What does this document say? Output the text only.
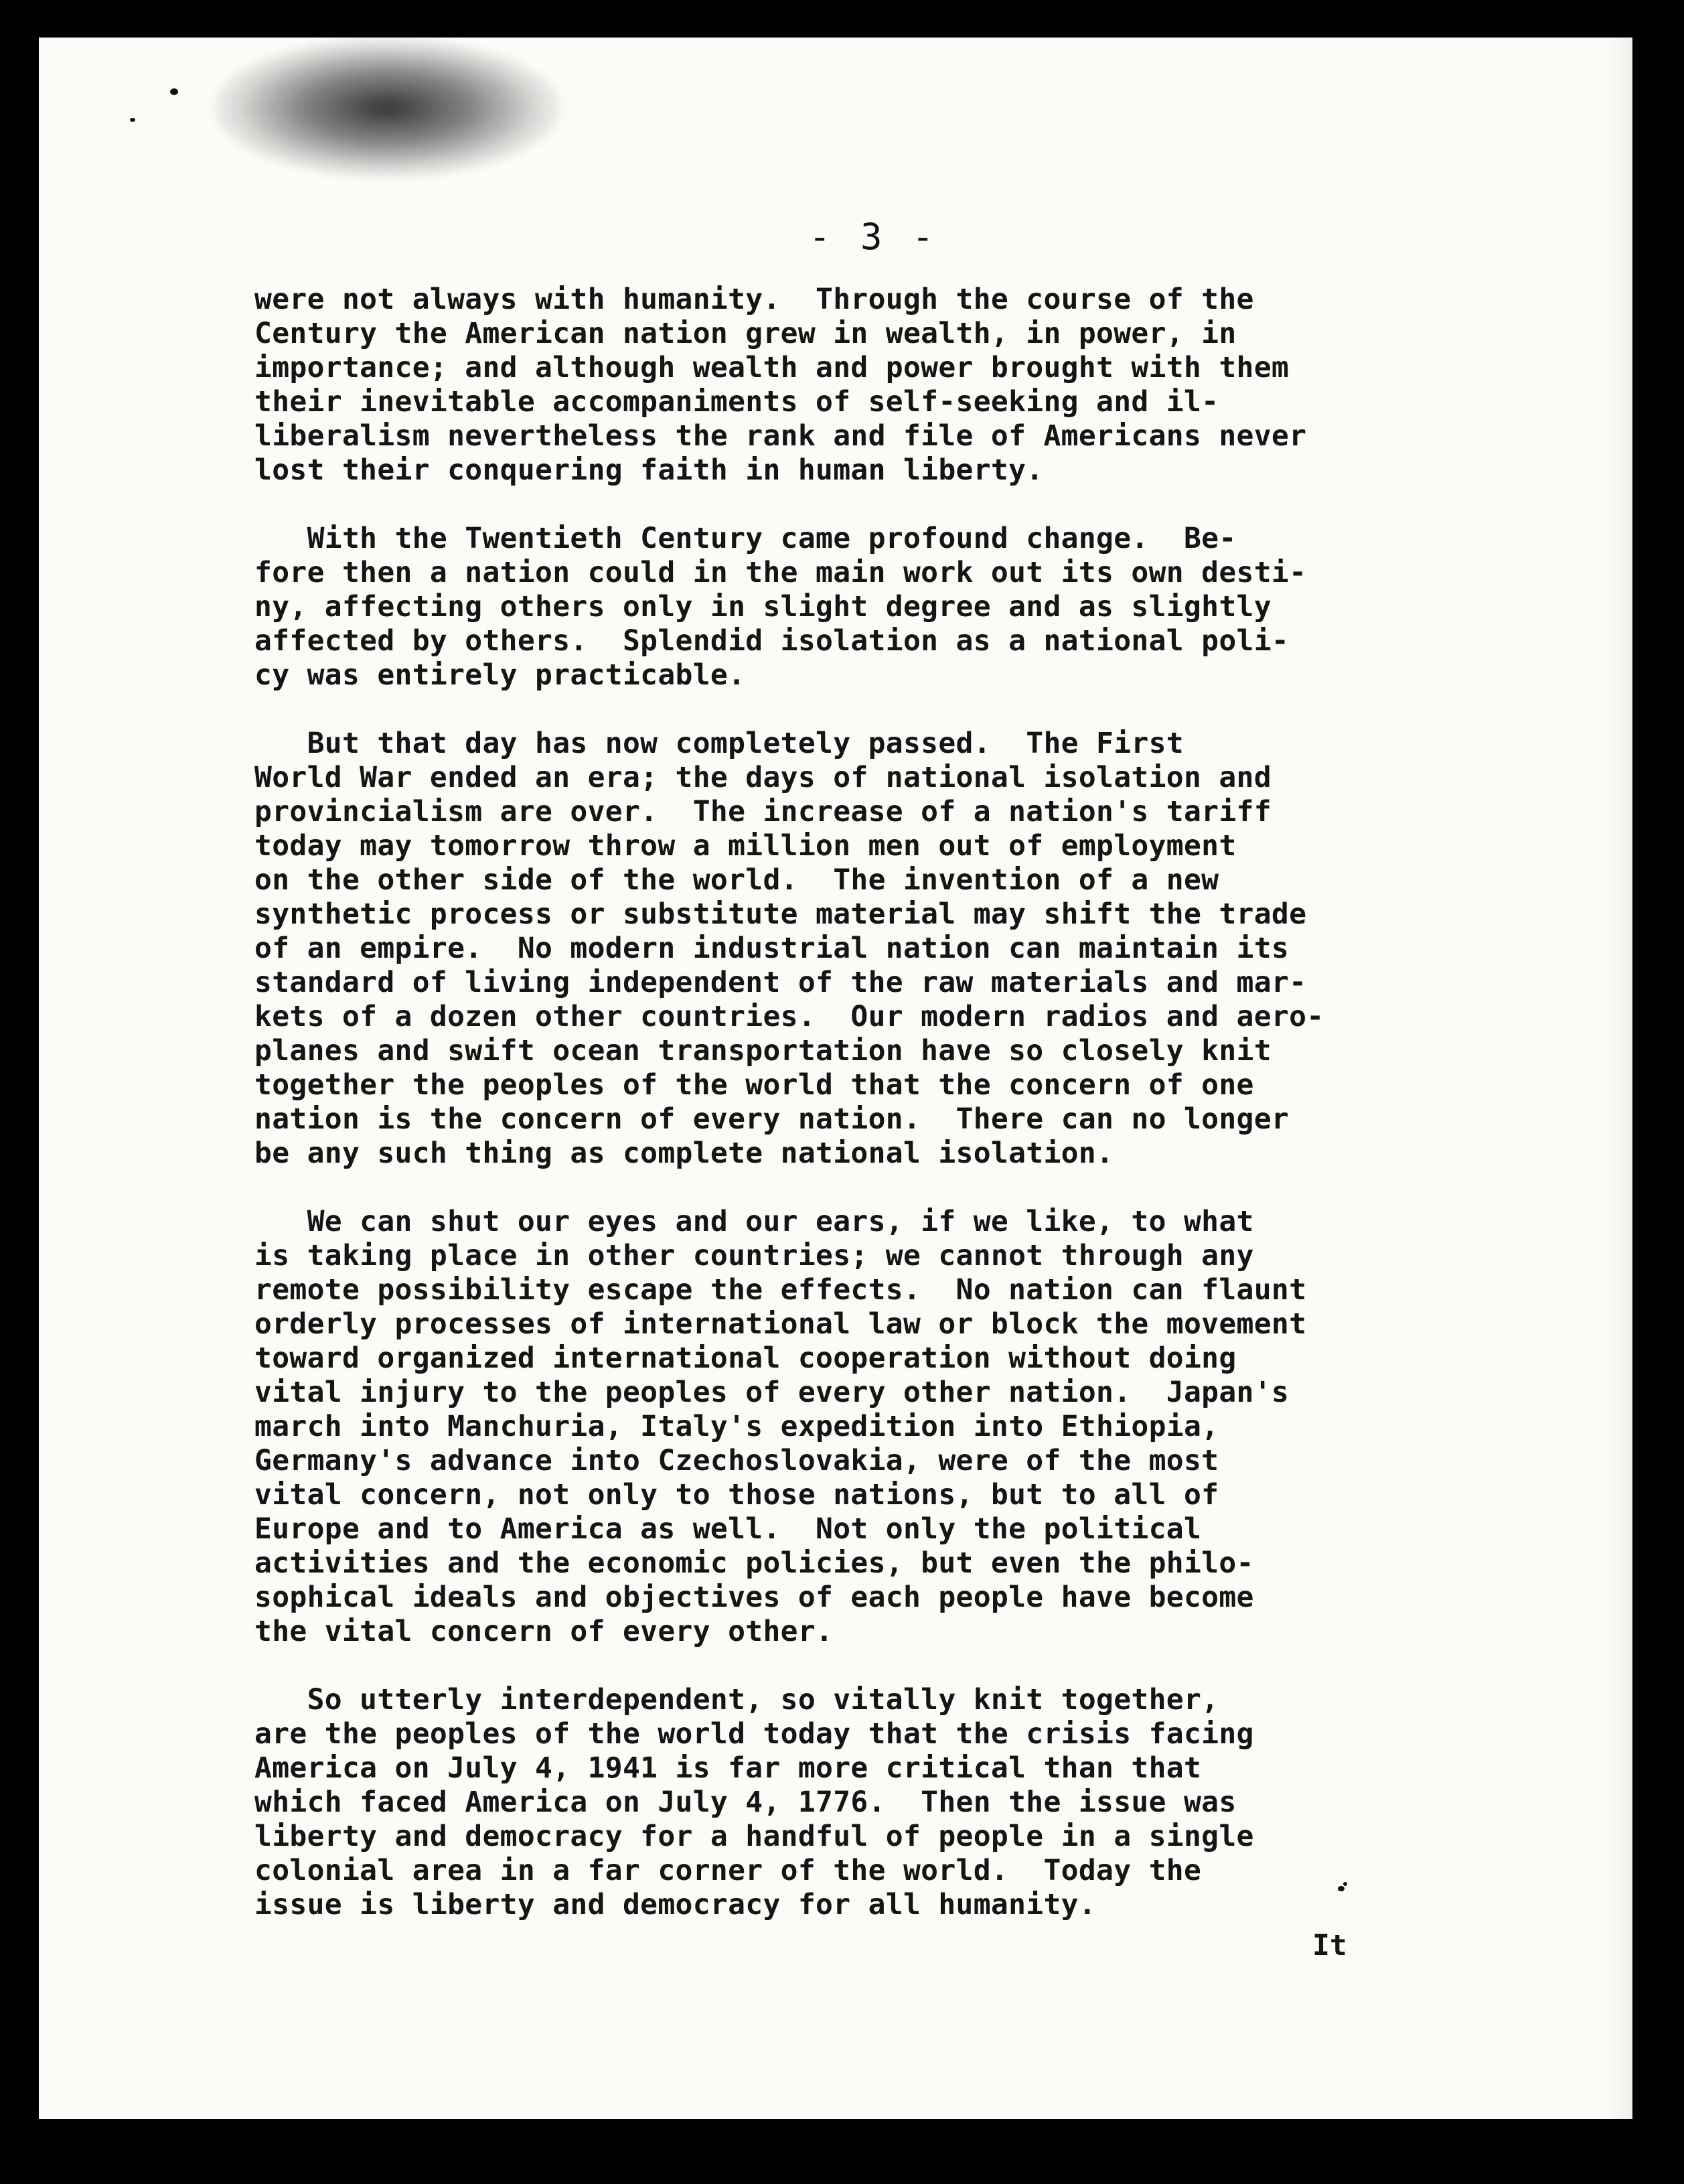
- 3 -
were not always with humanity.  Through the course of the
Century the American nation grew in wealth, in power, in
importance; and although wealth and power brought with them
their inevitable accompaniments of self-seeking and il-
liberalism nevertheless the rank and file of Americans never
lost their conquering faith in human liberty.
With the Twentieth Century came profound change.  Be-
fore then a nation could in the main work out its own desti-
ny, affecting others only in slight degree and as slightly
affected by others.  Splendid isolation as a national poli-
cy was entirely practicable.
But that day has now completely passed.  The First
World War ended an era; the days of national isolation and
provincialism are over.  The increase of a nation's tariff
today may tomorrow throw a million men out of employment
on the other side of the world.  The invention of a new
synthetic process or substitute material may shift the trade
of an empire.  No modern industrial nation can maintain its
standard of living independent of the raw materials and mar-
kets of a dozen other countries.  Our modern radios and aero-
planes and swift ocean transportation have so closely knit
together the peoples of the world that the concern of one
nation is the concern of every nation.  There can no longer
be any such thing as complete national isolation.
We can shut our eyes and our ears, if we like, to what
is taking place in other countries; we cannot through any
remote possibility escape the effects.  No nation can flaunt
orderly processes of international law or block the movement
toward organized international cooperation without doing
vital injury to the peoples of every other nation.  Japan's
march into Manchuria, Italy's expedition into Ethiopia,
Germany's advance into Czechoslovakia, were of the most
vital concern, not only to those nations, but to all of
Europe and to America as well.  Not only the political
activities and the economic policies, but even the philo-
sophical ideals and objectives of each people have become
the vital concern of every other.
So utterly interdependent, so vitally knit together,
are the peoples of the world today that the crisis facing
America on July 4, 1941 is far more critical than that
which faced America on July 4, 1776.  Then the issue was
liberty and democracy for a handful of people in a single
colonial area in a far corner of the world.  Today the
issue is liberty and democracy for all humanity.
It
